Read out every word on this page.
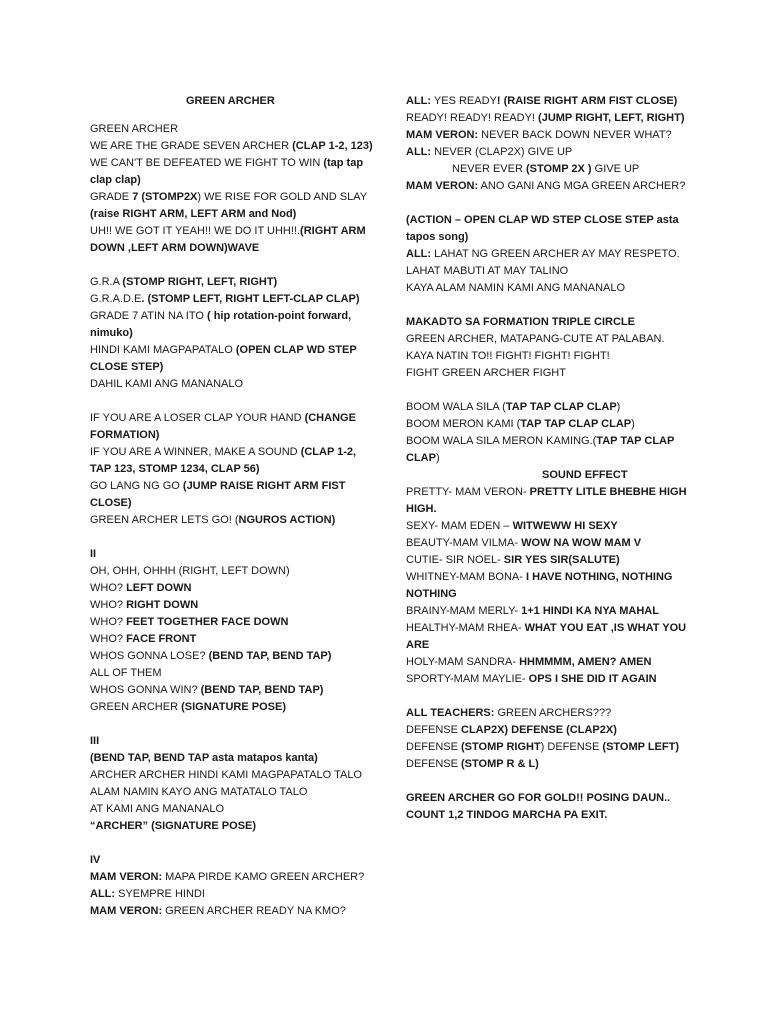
GREEN ARCHER
GREEN ARCHER
WE ARE THE GRADE SEVEN ARCHER (CLAP 1-2, 123)
WE CAN'T BE DEFEATED WE FIGHT TO WIN (tap tap clap clap)
GRADE 7 (STOMP2X) WE RISE FOR GOLD AND SLAY (raise RIGHT ARM, LEFT ARM and Nod)
UH!! WE GOT IT YEAH!! WE DO IT UHH!!.(RIGHT ARM DOWN ,LEFT ARM DOWN)WAVE
G.R.A (STOMP RIGHT, LEFT, RIGHT)
G.R.A.D.E. (STOMP LEFT, RIGHT LEFT-CLAP CLAP)
GRADE 7 ATIN NA ITO ( hip rotation-point forward, nimuko)
HINDI KAMI MAGPAPATALO (OPEN CLAP WD STEP CLOSE STEP)
DAHIL KAMI ANG MANANALO
IF YOU ARE A LOSER CLAP YOUR HAND (CHANGE FORMATION)
IF YOU ARE A WINNER, MAKE A SOUND (CLAP 1-2, TAP 123, STOMP 1234, CLAP 56)
GO LANG NG GO (JUMP RAISE RIGHT ARM FIST CLOSE)
GREEN ARCHER LETS GO! (NGUROS ACTION)
II
OH, OHH, OHHH (RIGHT, LEFT DOWN)
WHO? LEFT DOWN
WHO? RIGHT DOWN
WHO? FEET TOGETHER FACE DOWN
WHO? FACE FRONT
WHOS GONNA LOSE? (BEND TAP, BEND TAP)
ALL OF THEM
WHOS GONNA WIN? (BEND TAP, BEND TAP)
GREEN ARCHER (SIGNATURE POSE)
III
(BEND TAP, BEND TAP asta matapos kanta)
ARCHER ARCHER HINDI KAMI MAGPAPATALO TALO
ALAM NAMIN KAYO ANG MATATALO TALO
AT KAMI ANG MANANALO
“ARCHER” (SIGNATURE POSE)
IV
MAM VERON: MAPA PIRDE KAMO GREEN ARCHER?
ALL: SYEMPRE HINDI
MAM VERON: GREEN ARCHER READY NA KMO?
ALL: YES READY! (RAISE RIGHT ARM FIST CLOSE)
READY! READY! READY! (JUMP RIGHT, LEFT, RIGHT)
MAM VERON: NEVER BACK DOWN NEVER WHAT?
ALL: NEVER (CLAP2X) GIVE UP
NEVER EVER (STOMP 2X ) GIVE UP
MAM VERON: ANO GANI ANG MGA GREEN ARCHER?
(ACTION – OPEN CLAP WD STEP CLOSE STEP asta tapos song)
ALL: LAHAT NG GREEN ARCHER AY MAY RESPETO.
LAHAT MABUTI AT MAY TALINO
KAYA ALAM NAMIN KAMI ANG MANANALO
MAKADTO SA FORMATION TRIPLE CIRCLE
GREEN ARCHER, MATAPANG-CUTE AT PALABAN.
KAYA NATIN TO!! FIGHT! FIGHT! FIGHT!
FIGHT GREEN ARCHER FIGHT
BOOM WALA SILA (TAP TAP CLAP CLAP)
BOOM MERON KAMI (TAP TAP CLAP CLAP)
BOOM WALA SILA MERON KAMING.(TAP TAP CLAP CLAP)
SOUND EFFECT
PRETTY- MAM VERON- PRETTY LITLE BHEBHE HIGH HIGH.
SEXY- MAM EDEN – WITWEWW HI SEXY
BEAUTY-MAM VILMA- WOW NA WOW MAM V
CUTIE- SIR NOEL- SIR YES SIR(SALUTE)
WHITNEY-MAM BONA- I HAVE NOTHING, NOTHING NOTHING
BRAINY-MAM MERLY- 1+1 HINDI KA NYA MAHAL
HEALTHY-MAM RHEA- WHAT YOU EAT ,IS WHAT YOU ARE
HOLY-MAM SANDRA- HHMMMM, AMEN? AMEN
SPORTY-MAM MAYLIE- OPS I SHE DID IT AGAIN
ALL TEACHERS: GREEN ARCHERS???
DEFENSE CLAP2X) DEFENSE (CLAP2X)
DEFENSE (STOMP RIGHT) DEFENSE (STOMP LEFT)
DEFENSE (STOMP R & L)
GREEN ARCHER GO FOR GOLD!! POSING DAUN..
COUNT 1,2 TINDOG MARCHA PA EXIT.
